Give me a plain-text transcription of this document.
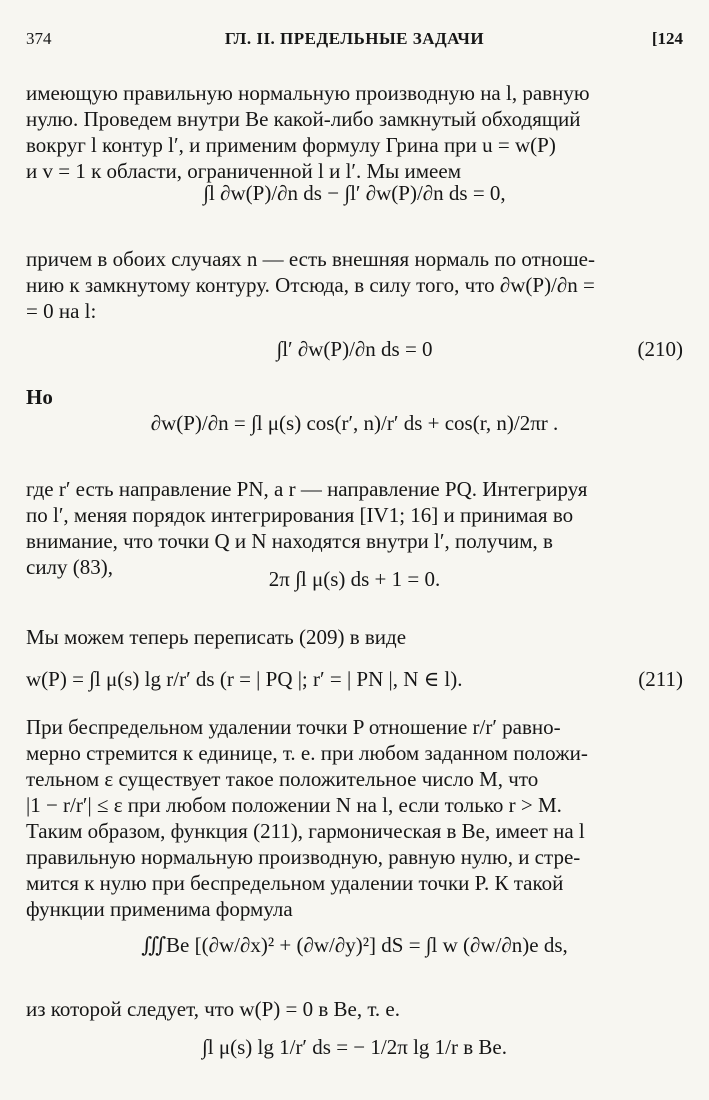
374	ГЛ. II. ПРЕДЕЛЬНЫЕ ЗАДАЧИ	[124
имеющую правильную нормальную производную на l, равную
нулю. Проведем внутри Be какой-либо замкнутый обходящий
вокруг l контур l′, и применим формулу Грина при u = w(P)
и v = 1 к области, ограниченной l и l′. Мы имеем
∫l ∂w(P)/∂n ds − ∫l′ ∂w(P)/∂n ds = 0,
причем в обоих случаях n — есть внешняя нормаль по отноше-
нию к замкнутому контуру. Отсюда, в силу того, что ∂w(P)/∂n =
= 0 на l:
∫l′ ∂w(P)/∂n ds = 0	(210)
Но
∂w(P)/∂n = ∫l μ(s) cos(r′, n)/r′ ds + cos(r, n)/2πr .
где r′ есть направление PN, а r — направление PQ. Интегрируя
по l′, меняя порядок интегрирования [IV1; 16] и принимая во
внимание, что точки Q и N находятся внутри l′, получим, в
силу (83),	2π ∫l μ(s) ds + 1 = 0.
Мы можем теперь переписать (209) в виде
w(P) = ∫l μ(s) lg r/r′ ds (r = | PQ |; r′ = | PN |, N ∈ l).	(211)
При беспредельном удалении точки P отношение r/r′ равно-
мерно стремится к единице, т. е. при любом заданном положи-
тельном ε существует такое положительное число M, что
|1 − r/r′| ≤ ε при любом положении N на l, если только r > M.
Таким образом, функция (211), гармоническая в Be, имеет на l
правильную нормальную производную, равную нулю, и стре-
мится к нулю при беспредельном удалении точки P. К такой
функции применима формула
∭Be [(∂w/∂x)² + (∂w/∂y)²] dS = ∫l w (∂w/∂n)e ds,
из которой следует, что w(P) = 0 в Be, т. е.
∫l μ(s) lg 1/r′ ds = − 1/2π lg 1/r в Be.
